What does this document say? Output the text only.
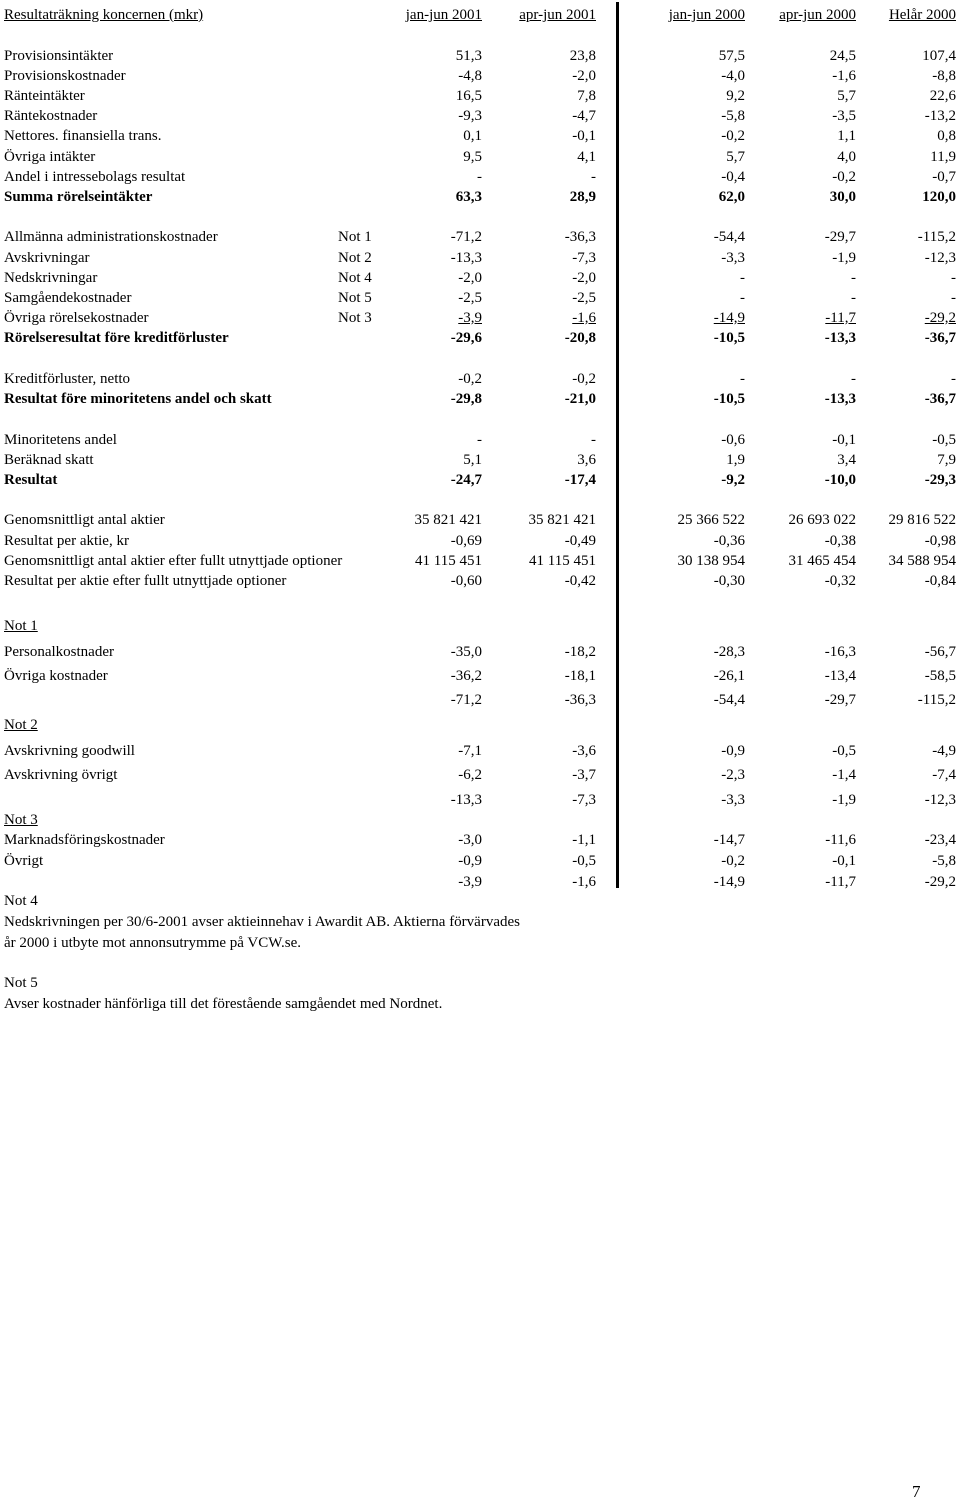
Resultaträkning koncernen (mkr)	jan-jun 2001	apr-jun 2001	jan-jun 2000	apr-jun 2000	Helår 2000
Provisionsintäkter	51,3	23,8	57,5	24,5	107,4
Provisionskostnader	-4,8	-2,0	-4,0	-1,6	-8,8
Ränteintäkter	16,5	7,8	9,2	5,7	22,6
Räntekostnader	-9,3	-4,7	-5,8	-3,5	-13,2
Nettores. finansiella trans.	0,1	-0,1	-0,2	1,1	0,8
Övriga intäkter	9,5	4,1	5,7	4,0	11,9
Andel i intressebolags resultat	-	-	-0,4	-0,2	-0,7
Summa rörelseintäkter	63,3	28,9	62,0	30,0	120,0
Allmänna administrationskostnader	Not 1	-71,2	-36,3	-54,4	-29,7	-115,2
Avskrivningar	Not 2	-13,3	-7,3	-3,3	-1,9	-12,3
Nedskrivningar	Not 4	-2,0	-2,0	-	-	-
Samgåendekostnader	Not 5	-2,5	-2,5	-	-	-
Övriga rörelsekostnader	Not 3	-3,9	-1,6	-14,9	-11,7	-29,2
Rörelseresultat före kreditförluster	-29,6	-20,8	-10,5	-13,3	-36,7
Kreditförluster, netto	-0,2	-0,2	-	-	-
Resultat före minoritetens andel och skatt	-29,8	-21,0	-10,5	-13,3	-36,7
Minoritetens andel	-	-	-0,6	-0,1	-0,5
Beräknad skatt	5,1	3,6	1,9	3,4	7,9
Resultat	-24,7	-17,4	-9,2	-10,0	-29,3
Genomsnittligt antal aktier	35 821 421	35 821 421	25 366 522	26 693 022	29 816 522
Resultat per aktie, kr	-0,69	-0,49	-0,36	-0,38	-0,98
Genomsnittligt antal aktier efter fullt utnyttjade optioner	41 115 451	41 115 451	30 138 954	31 465 454	34 588 954
Resultat per aktie efter fullt utnyttjade optioner	-0,60	-0,42	-0,30	-0,32	-0,84
Not 1
Personalkostnader	-35,0	-18,2	-28,3	-16,3	-56,7
Övriga kostnader	-36,2	-18,1	-26,1	-13,4	-58,5
-71,2	-36,3	-54,4	-29,7	-115,2
Not 2
Avskrivning goodwill	-7,1	-3,6	-0,9	-0,5	-4,9
Avskrivning övrigt	-6,2	-3,7	-2,3	-1,4	-7,4
-13,3	-7,3	-3,3	-1,9	-12,3
Not 3
Marknadsföringskostnader	-3,0	-1,1	-14,7	-11,6	-23,4
Övrigt	-0,9	-0,5	-0,2	-0,1	-5,8
-3,9	-1,6	-14,9	-11,7	-29,2
Not 4
Nedskrivningen per 30/6-2001 avser aktieinnehav i Awardit AB. Aktierna förvärvades
år 2000 i utbyte mot annonsutrymme på VCW.se.
Not 5
Avser kostnader hänförliga till det förestående samgåendet med Nordnet.
7
